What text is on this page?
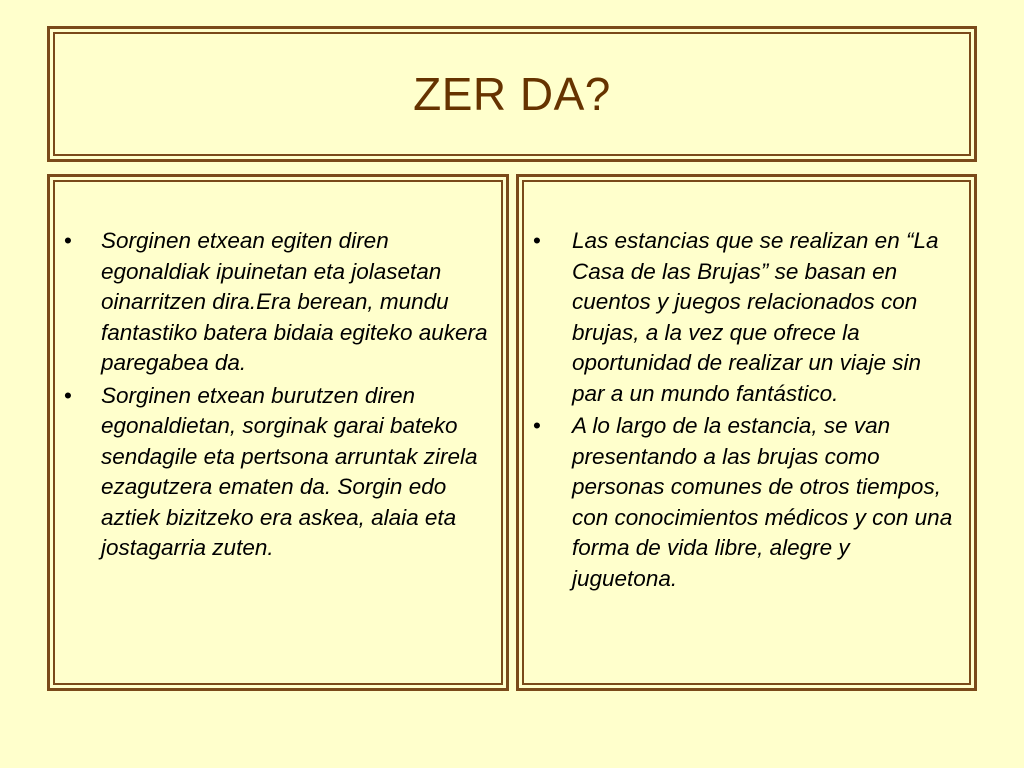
ZER DA?
• Sorginen etxean egiten diren egonaldiak ipuinetan eta jolasetan oinarritzen dira.Era berean, mundu fantastiko batera bidaia egiteko aukera paregabea da.
• Sorginen etxean burutzen diren egonaldietan, sorginak garai bateko sendagile eta pertsona arruntak zirela ezagutzera ematen da. Sorgin edo aztiek bizitzeko era askea, alaia eta jostagarria zuten.
• Las estancias que se realizan en “La Casa de las Brujas” se basan en cuentos y juegos relacionados con brujas, a la vez que ofrece la oportunidad de realizar un viaje sin par a un mundo fantástico.
• A lo largo de la estancia, se van presentando a las brujas como personas comunes de otros tiempos, con conocimientos médicos y con una forma de vida libre, alegre y juguetona.
